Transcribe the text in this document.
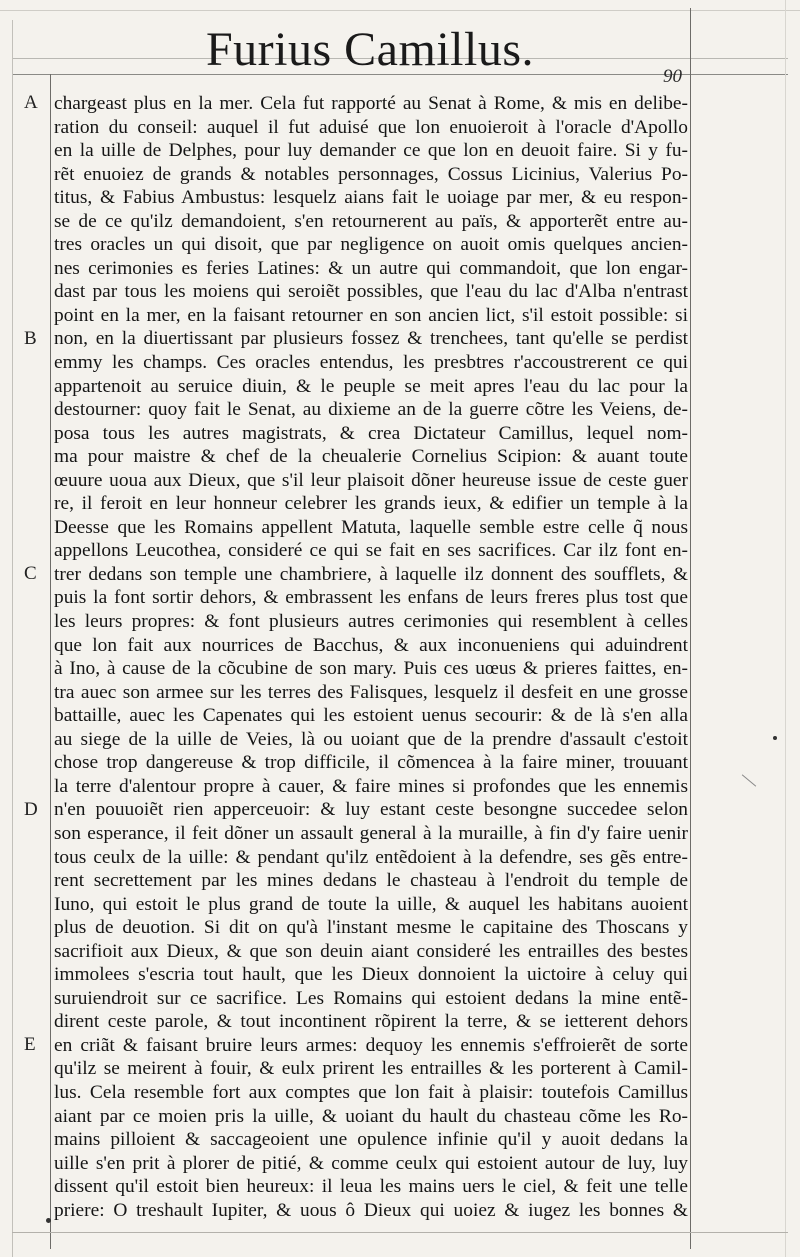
Furius Camillus.
90
A
B
C
D
E
chargeast plus en la mer. Cela fut rapporté au Senat à Rome, & mis en delibe-
ration du conseil: auquel il fut aduisé que lon enuoieroit à l'oracle d'Apollo
en la uille de Delphes, pour luy demander ce que lon en deuoit faire. Si y fu-
rẽt enuoiez de grands & notables personnages, Cossus Licinius, Valerius Po-
titus, & Fabius Ambustus: lesquelz aians fait le uoiage par mer, & eu respon-
se de ce qu'ilz demandoient, s'en retournerent au païs, & apporterẽt entre au-
tres oracles un qui disoit, que par negligence on auoit omis quelques ancien-
nes cerimonies es feries Latines: & un autre qui commandoit, que lon engar-
dast par tous les moiens qui seroiẽt possibles, que l'eau du lac d'Alba n'entrast
point en la mer, en la faisant retourner en son ancien lict, s'il estoit possible: si
non, en la diuertissant par plusieurs fossez & trenchees, tant qu'elle se perdist
emmy les champs. Ces oracles entendus, les presbtres r'accoustrerent ce qui
appartenoit au seruice diuin, & le peuple se meit apres l'eau du lac pour la
destourner: quoy fait le Senat, au dixieme an de la guerre cõtre les Veiens, de-
posa tous les autres magistrats, & crea Dictateur Camillus, lequel nom-
ma pour maistre & chef de la cheualerie Cornelius Scipion: & auant toute
œuure uoua aux Dieux, que s'il leur plaisoit dõner heureuse issue de ceste guer
re, il feroit en leur honneur celebrer les grands ieux, & edifier un temple à la
Deesse que les Romains appellent Matuta, laquelle semble estre celle q̃ nous
appellons Leucothea, consideré ce qui se fait en ses sacrifices. Car ilz font en-
trer dedans son temple une chambriere, à laquelle ilz donnent des soufflets, &
puis la font sortir dehors, & embrassent les enfans de leurs freres plus tost que
les leurs propres: & font plusieurs autres cerimonies qui resemblent à celles
que lon fait aux nourrices de Bacchus, & aux inconueniens qui aduindrent
à Ino, à cause de la cõcubine de son mary. Puis ces uœus & prieres faittes, en-
tra auec son armee sur les terres des Falisques, lesquelz il desfeit en une grosse
battaille, auec les Capenates qui les estoient uenus secourir: & de là s'en alla
au siege de la uille de Veies, là ou uoiant que de la prendre d'assault c'estoit
chose trop dangereuse & trop difficile, il cõmencea à la faire miner, trouuant
la terre d'alentour propre à cauer, & faire mines si profondes que les ennemis
n'en pouuoiẽt rien apperceuoir: & luy estant ceste besongne succedee selon
son esperance, il feit dõner un assault general à la muraille, à fin d'y faire uenir
tous ceulx de la uille: & pendant qu'ilz entẽdoient à la defendre, ses gẽs entre-
rent secrettement par les mines dedans le chasteau à l'endroit du temple de
Iuno, qui estoit le plus grand de toute la uille, & auquel les habitans auoient
plus de deuotion. Si dit on qu'à l'instant mesme le capitaine des Thoscans y
sacrifioit aux Dieux, & que son deuin aiant consideré les entrailles des bestes
immolees s'escria tout hault, que les Dieux donnoient la uictoire à celuy qui
suruiendroit sur ce sacrifice. Les Romains qui estoient dedans la mine entẽ-
dirent ceste parole, & tout incontinent rõpirent la terre, & se ietterent dehors
en criãt & faisant bruire leurs armes: dequoy les ennemis s'effroierẽt de sorte
qu'ilz se meirent à fouir, & eulx prirent les entrailles & les porterent à Camil-
lus. Cela resemble fort aux comptes que lon fait à plaisir: toutefois Camillus
aiant par ce moien pris la uille, & uoiant du hault du chasteau cõme les Ro-
mains pilloient & saccageoient une opulence infinie qu'il y auoit dedans la
uille s'en prit à plorer de pitié, & comme ceulx qui estoient autour de luy, luy
dissent qu'il estoit bien heureux: il leua les mains uers le ciel, & feit une telle
priere: O treshault Iupiter, & uous ô Dieux qui uoiez & iugez les bonnes &
